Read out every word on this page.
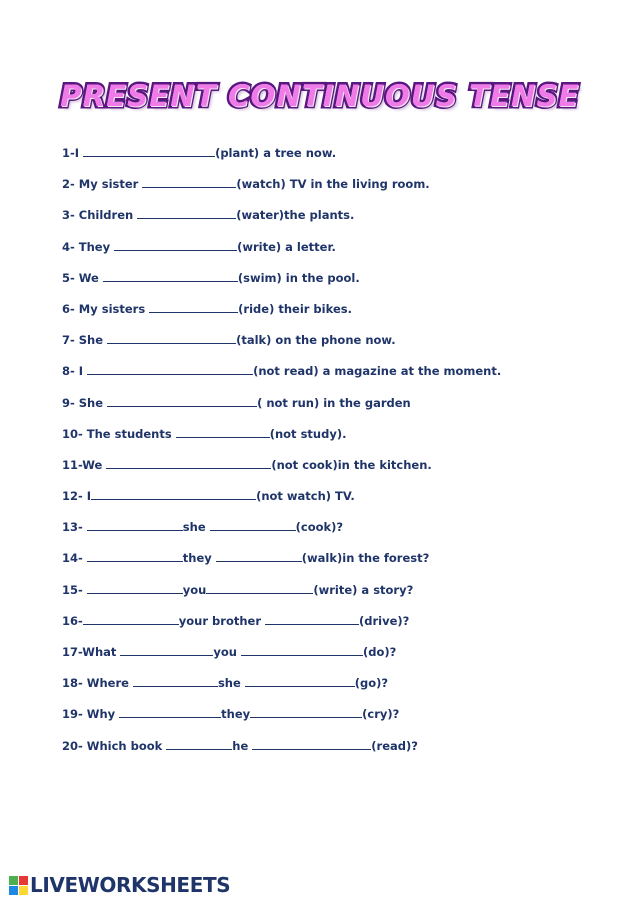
PRESENT CONTINUOUS TENSE
1-I	(plant) a tree now.
2- My sister	(watch) TV in the living room.
3- Children	(water)the plants.
4- They	(write) a letter.
5- We	(swim) in the pool.
6- My sisters	(ride) their bikes.
7- She	(talk) on the phone now.
8- I	(not read) a magazine at the moment.
9- She	( not run) in the garden
10- The students	(not study).
11-We	(not cook)in the kitchen.
12- I	(not watch) TV.
13-	she	(cook)?
14-	they	(walk)in the forest?
15-	you	(write) a story?
16-	your brother	(drive)?
17-What	you	(do)?
18- Where	she	(go)?
19- Why	they	(cry)?
20- Which book	he	(read)?
LIVEWORKSHEETS
